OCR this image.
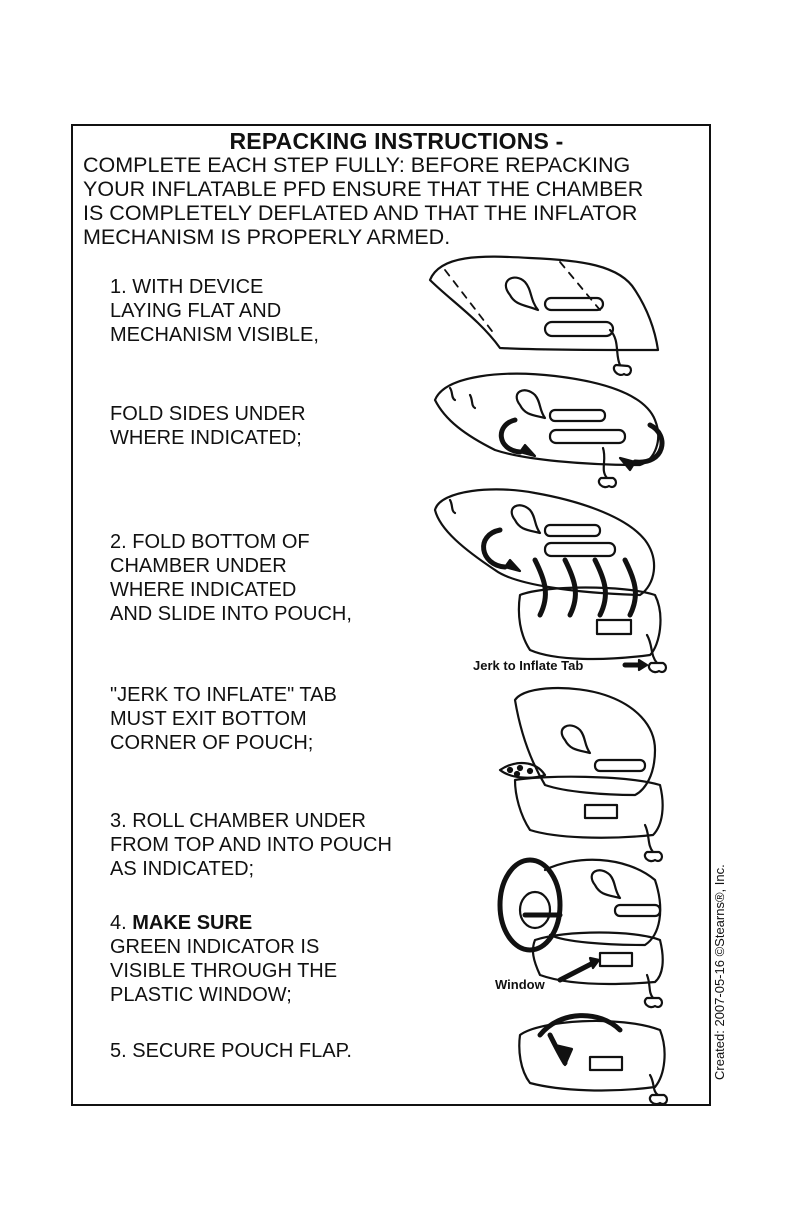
REPACKING INSTRUCTIONS -
COMPLETE EACH STEP FULLY: BEFORE REPACKING
YOUR INFLATABLE PFD ENSURE THAT THE CHAMBER
IS COMPLETELY DEFLATED AND THAT THE INFLATOR
MECHANISM IS PROPERLY ARMED.
1. WITH DEVICE
LAYING FLAT AND
MECHANISM VISIBLE,
FOLD SIDES UNDER
WHERE INDICATED;
2. FOLD BOTTOM OF
CHAMBER UNDER
WHERE INDICATED
AND SLIDE INTO POUCH,
"JERK TO INFLATE" TAB
MUST EXIT BOTTOM
CORNER OF POUCH;
3. ROLL CHAMBER UNDER
FROM TOP AND INTO POUCH
AS INDICATED;
4. MAKE SURE
GREEN INDICATOR IS
VISIBLE THROUGH THE
PLASTIC WINDOW;
5. SECURE POUCH FLAP.	Created: 2007-05-16 ©Stearns®, Inc.
Jerk to Inflate Tab
Window
